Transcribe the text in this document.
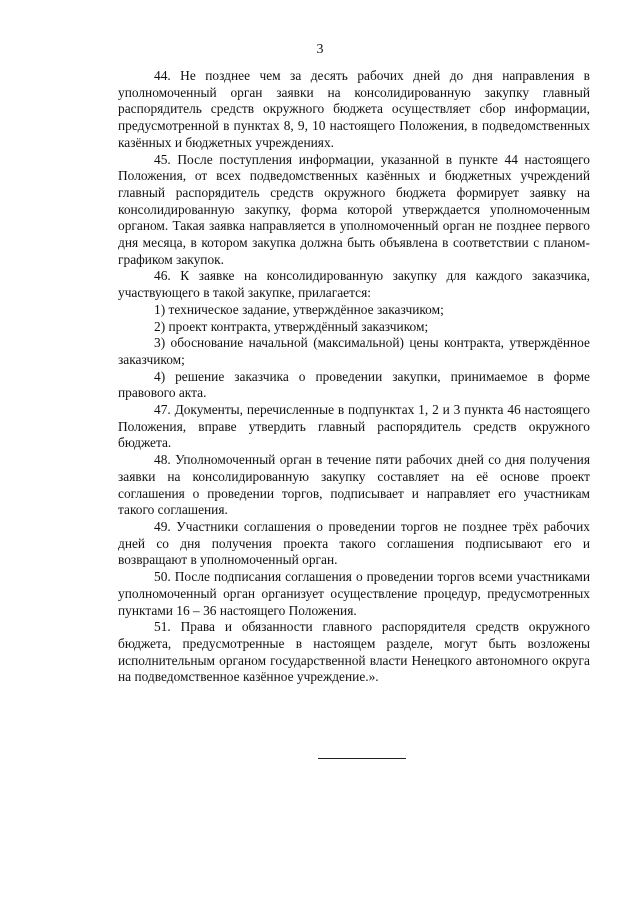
3

44. Не позднее чем за десять рабочих дней до дня направления в уполномоченный орган заявки на консолидированную закупку главный распорядитель средств окружного бюджета осуществляет сбор информации, предусмотренной в пунктах 8, 9, 10 настоящего Положения, в подведомственных казённых и бюджетных учреждениях.

45. После поступления информации, указанной в пункте 44 настоящего Положения, от всех подведомственных казённых и бюджетных учреждений главный распорядитель средств окружного бюджета формирует заявку на консолидированную закупку, форма которой утверждается уполномоченным органом. Такая заявка направляется в уполномоченный орган не позднее первого дня месяца, в котором закупка должна быть объявлена в соответствии с планом-графиком закупок.

46. К заявке на консолидированную закупку для каждого заказчика, участвующего в такой закупке, прилагается:

1) техническое задание, утверждённое заказчиком;

2) проект контракта, утверждённый заказчиком;

3) обоснование начальной (максимальной) цены контракта, утверждённое заказчиком;

4) решение заказчика о проведении закупки, принимаемое в форме правового акта.

47. Документы, перечисленные в подпунктах 1, 2 и 3 пункта 46 настоящего Положения, вправе утвердить главный распорядитель средств окружного бюджета.

48. Уполномоченный орган в течение пяти рабочих дней со дня получения заявки на консолидированную закупку составляет на её основе проект соглашения о проведении торгов, подписывает и направляет его участникам такого соглашения.

49. Участники соглашения о проведении торгов не позднее трёх рабочих дней со дня получения проекта такого соглашения подписывают его и возвращают в уполномоченный орган.

50. После подписания соглашения о проведении торгов всеми участниками уполномоченный орган организует осуществление процедур, предусмотренных пунктами 16 – 36 настоящего Положения.

51. Права и обязанности главного распорядителя средств окружного бюджета, предусмотренные в настоящем разделе, могут быть возложены исполнительным органом государственной власти Ненецкого автономного округа на подведомственное казённое учреждение.».
